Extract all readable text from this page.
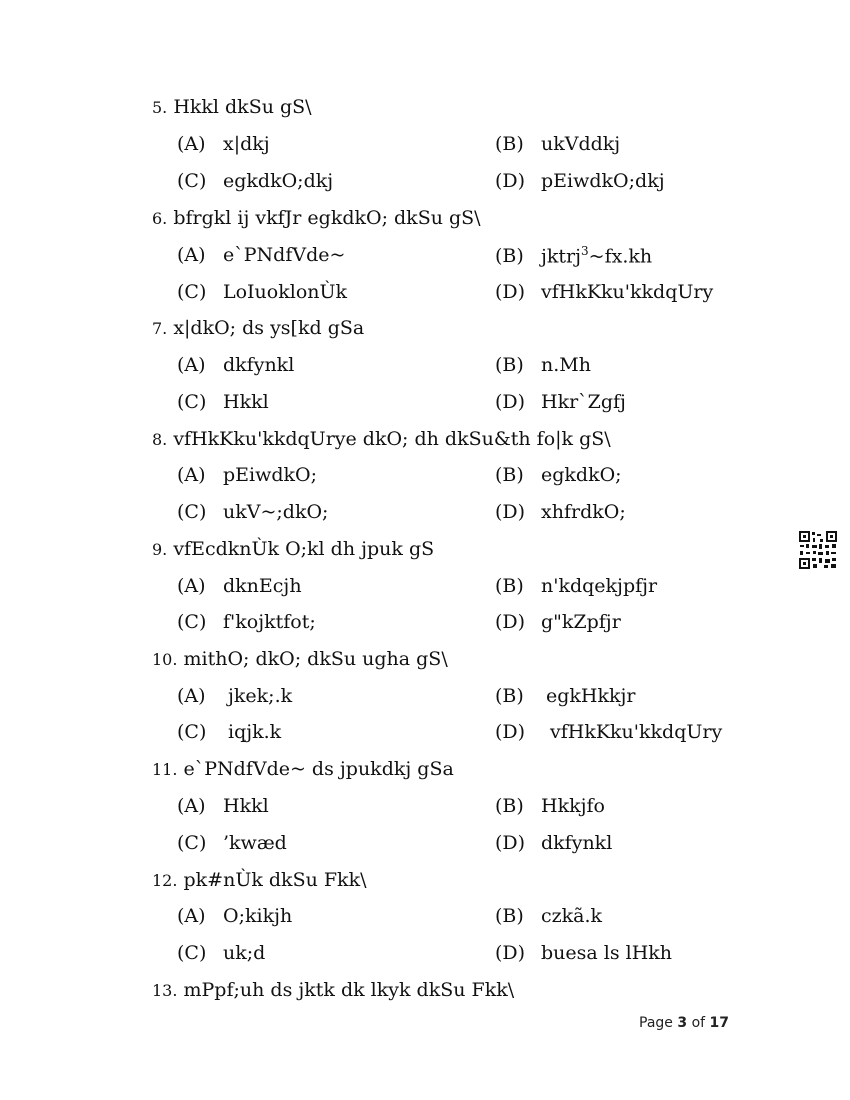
5. Hkkl dkSu gS\
(A) x|dkj	(B) ukVddkj
(C) egkdkO;dkj	(D) pEiwdkO;dkj
6. bfrgkl ij vkfJr egkdkO; dkSu gS\
(A) e`PNdfVde~	(B) jktrj$^3$~fx.kh
(C) LoIuoklonÙk	(D) vfHkKku'kkdqUry
7. x|dkO; ds ys[kd gSa
(A) dkfynkl	(B) n.Mh
(C) Hkkl	(D) Hkr`Zgfj
8. vfHkKku'kkdqUrye dkO; dh dkSu&th fo|k gS\
(A) pEiwdkO;	(B) egkdkO;
(C) ukV~;dkO;	(D) xhfrdkO;
9. vfEcdknÙk O;kl dh jpuk gS
(A) dknEcjh	(B) n'kdqekjpfjr
(C) f'kojktfot;	(D) g"kZpfjr
10. mithO; dkO; dkSu ugha gS\
(A) jkek;.k	(B) egkHkkjr
(C) iqjk.k	(D) vfHkKku'kkdqUry
11. e`PNdfVde~ ds jpukdkj gSa
(A) Hkkl	(B) Hkkjfo
(C) ’kwæd	(D) dkfynkl
12. pk#nÙk dkSu Fkk\
(A) O;kikjh	(B) czkã.k
(C) uk;d	(D) buesa ls lHkh
13. mPpf;uh ds jktk dk lkyk dkSu Fkk\
Page 3 of 17
